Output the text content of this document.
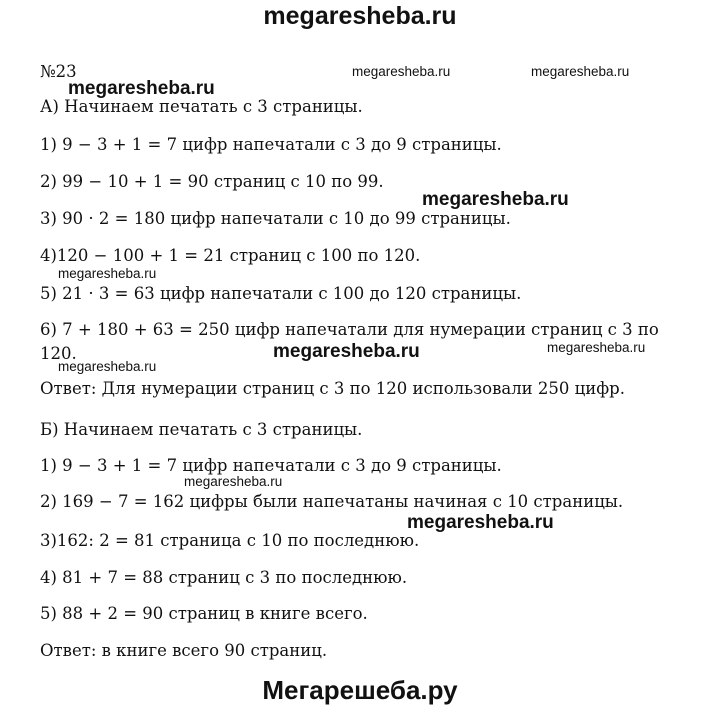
megaresheba.ru
№23
А) Начинаем печатать с 3 страницы.
1) 9 − 3 + 1 = 7 цифр напечатали с 3 до 9 страницы.
2) 99 − 10 + 1 = 90 страниц с 10 по 99.
3) 90 · 2 = 180 цифр напечатали с 10 до 99 страницы.
4)120 − 100 + 1 = 21 страниц с 100 по 120.
5) 21 · 3 = 63 цифр напечатали с 100 до 120 страницы.
6) 7 + 180 + 63 = 250 цифр напечатали для нумерации страниц с 3 по
120.
Ответ: Для нумерации страниц с 3 по 120 использовали 250 цифр.
Б) Начинаем печатать с 3 страницы.
1) 9 − 3 + 1 = 7 цифр напечатали с 3 до 9 страницы.
2) 169 − 7 = 162 цифры были напечатаны начиная с 10 страницы.
3)162: 2 = 81 страница с 10 по последнюю.
4) 81 + 7 = 88 страниц с 3 по последнюю.
5) 88 + 2 = 90 страниц в книге всего.
Ответ: в книге всего 90 страниц.
megaresheba.ru
megaresheba.ru	megaresheba.ru
megaresheba.ru
megaresheba.ru
megaresheba.ru	megaresheba.ru
megaresheba.ru
megaresheba.ru
megaresheba.ru
Мегарешеба.ру
